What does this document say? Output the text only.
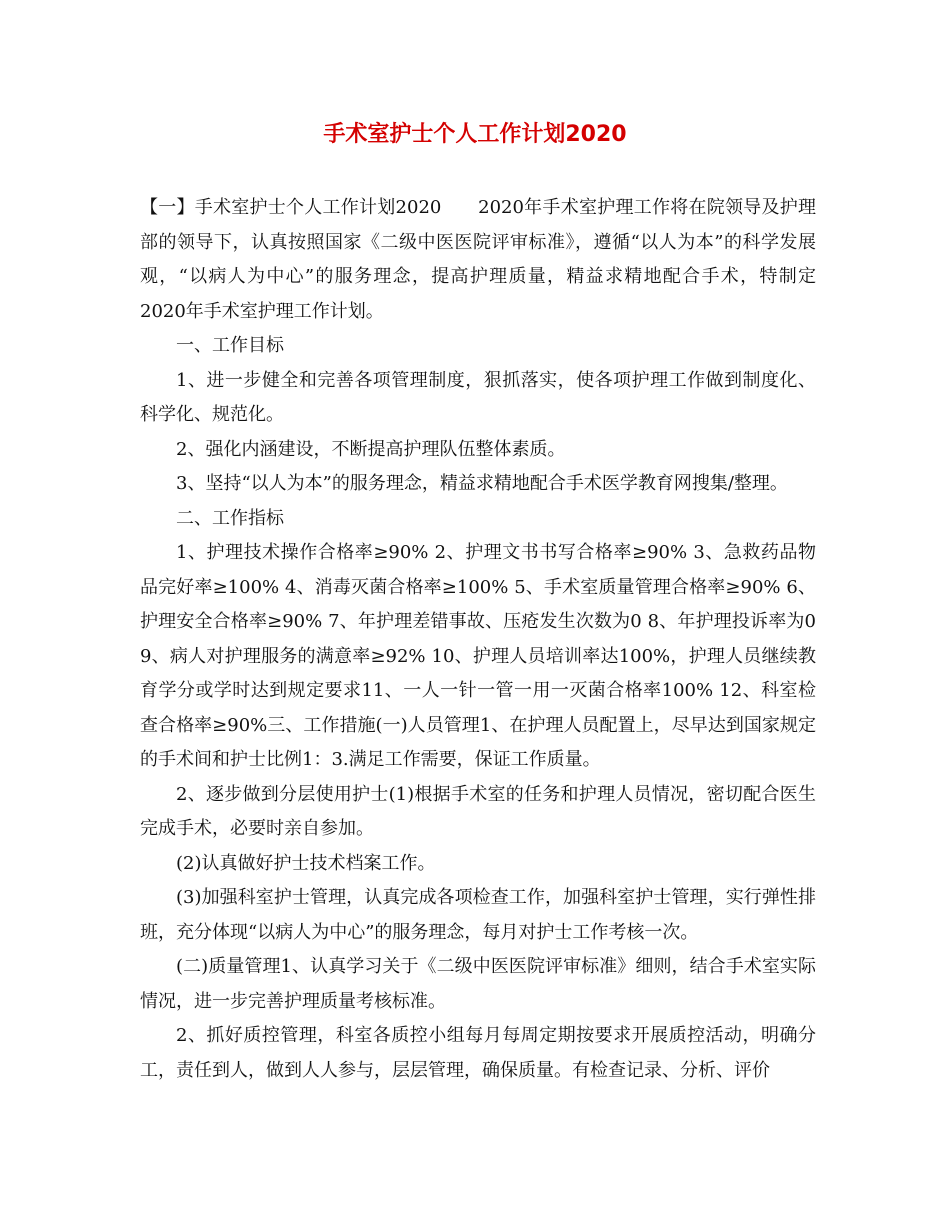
手术室护士个人工作计划2020

【一】手术室护士个人工作计划2020　　2020年手术室护理工作将在院领导及护理部的领导下，认真按照国家《二级中医医院评审标准》，遵循“以人为本”的科学发展观，“以病人为中心”的服务理念，提高护理质量，精益求精地配合手术，特制定2020年手术室护理工作计划。

一、工作目标

1、进一步健全和完善各项管理制度，狠抓落实，使各项护理工作做到制度化、科学化、规范化。

2、强化内涵建设，不断提高护理队伍整体素质。

3、坚持“以人为本”的服务理念，精益求精地配合手术医学教育网搜集/整理。

二、工作指标

1、护理技术操作合格率≥90% 2、护理文书书写合格率≥90% 3、急救药品物品完好率≥100% 4、消毒灭菌合格率≥100% 5、手术室质量管理合格率≥90% 6、护理安全合格率≥90% 7、年护理差错事故、压疮发生次数为0 8、年护理投诉率为0 9、病人对护理服务的满意率≥92% 10、护理人员培训率达100%，护理人员继续教育学分或学时达到规定要求11、一人一针一管一用一灭菌合格率100% 12、科室检查合格率≥90%三、工作措施(一)人员管理1、在护理人员配置上，尽早达到国家规定的手术间和护士比例1：3.满足工作需要，保证工作质量。

2、逐步做到分层使用护士(1)根据手术室的任务和护理人员情况，密切配合医生完成手术，必要时亲自参加。

(2)认真做好护士技术档案工作。

(3)加强科室护士管理，认真完成各项检查工作，加强科室护士管理，实行弹性排班，充分体现“以病人为中心”的服务理念，每月对护士工作考核一次。

(二)质量管理1、认真学习关于《二级中医医院评审标准》细则，结合手术室实际情况，进一步完善护理质量考核标准。

2、抓好质控管理，科室各质控小组每月每周定期按要求开展质控活动，明确分工，责任到人，做到人人参与，层层管理，确保质量。有检查记录、分析、评价
